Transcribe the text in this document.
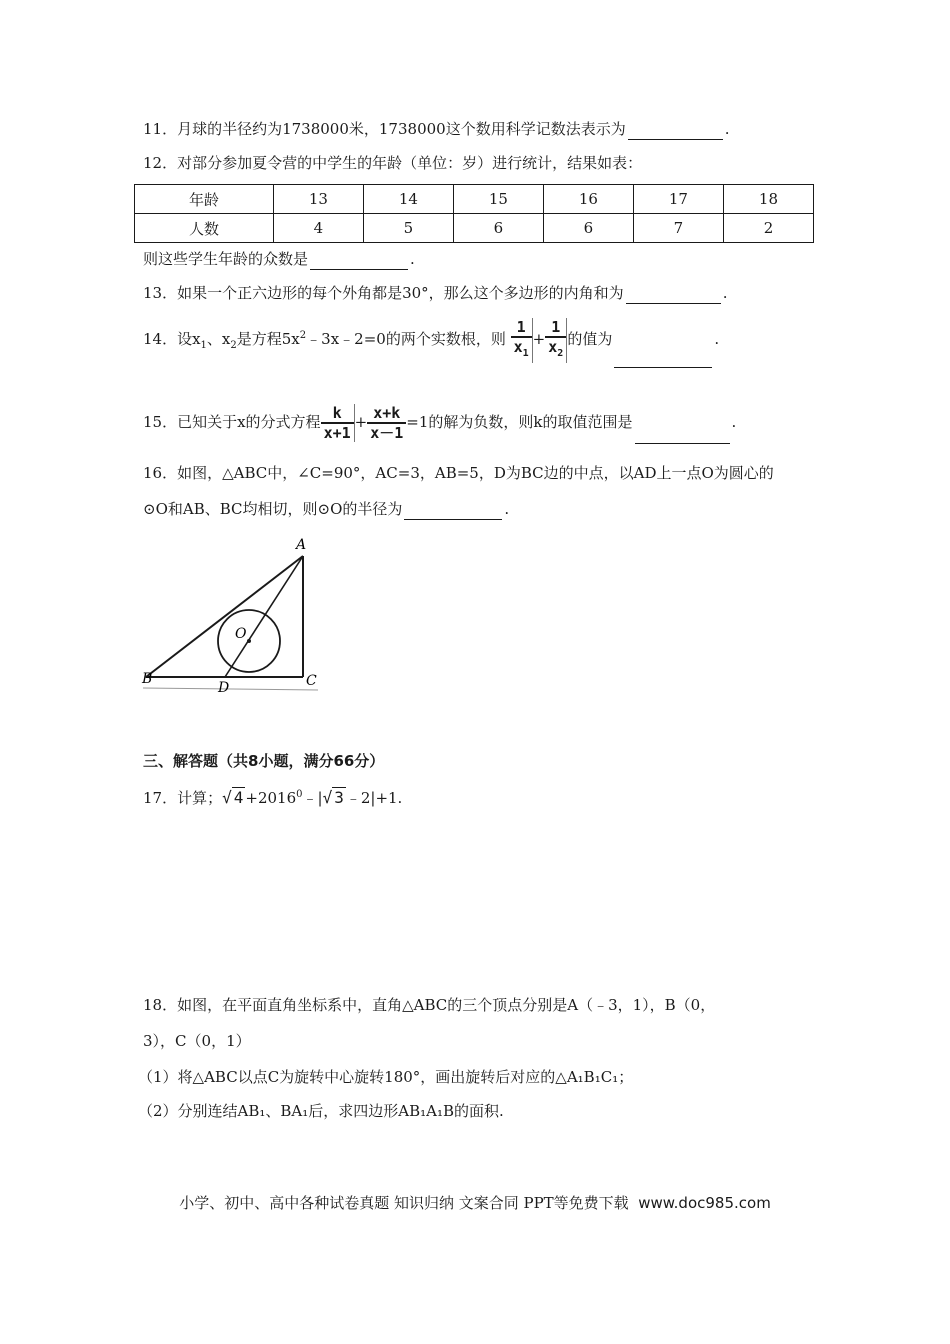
11．月球的半径约为1738000米，1738000这个数用科学记数法表示为	.
12．对部分参加夏令营的中学生的年龄（单位：岁）进行统计，结果如表：
年龄	13	14	15	16	17	18
人数	4	5	6	6	7	2
则这些学生年龄的众数是	.
13．如果一个正六边形的每个外角都是30°，那么这个多边形的内角和为	.
14．设$x_1$、$x_2$是方程$5x^2﹣3x﹣2=0$的两个实数根，则 $\frac{1}{x_1} + \frac{1}{x_2}$ 的值为	.
15．已知关于x的分式方程 $\frac{k}{x+1} + \frac{x+k}{x-1} =1$的解为负数，则k的取值范围是	.
16．如图，△ABC中，∠C=90°，AC=3，AB=5，D为BC边的中点，以AD上一点O为圆心的
⊙O和AB、BC均相切，则⊙O的半径为	.
A
B	C
D
O
三、解答题（共8小题，满分66分）
17．计算；√ $4 +2016^0﹣|√$ 3 ﹣2|+1.
18．如图，在平面直角坐标系中，直角△ABC的三个顶点分别是A（﹣3，1），B（0，
3），C（0，1）
（1）将△ABC以点C为旋转中心旋转180°，画出旋转后对应的△A₁B₁C₁；
（2）分别连结AB₁、BA₁后，求四边形AB₁A₁B的面积.
小学、初中、高中各种试卷真题 知识归纳 文案合同 PPT等免费下载 www.doc985.com
